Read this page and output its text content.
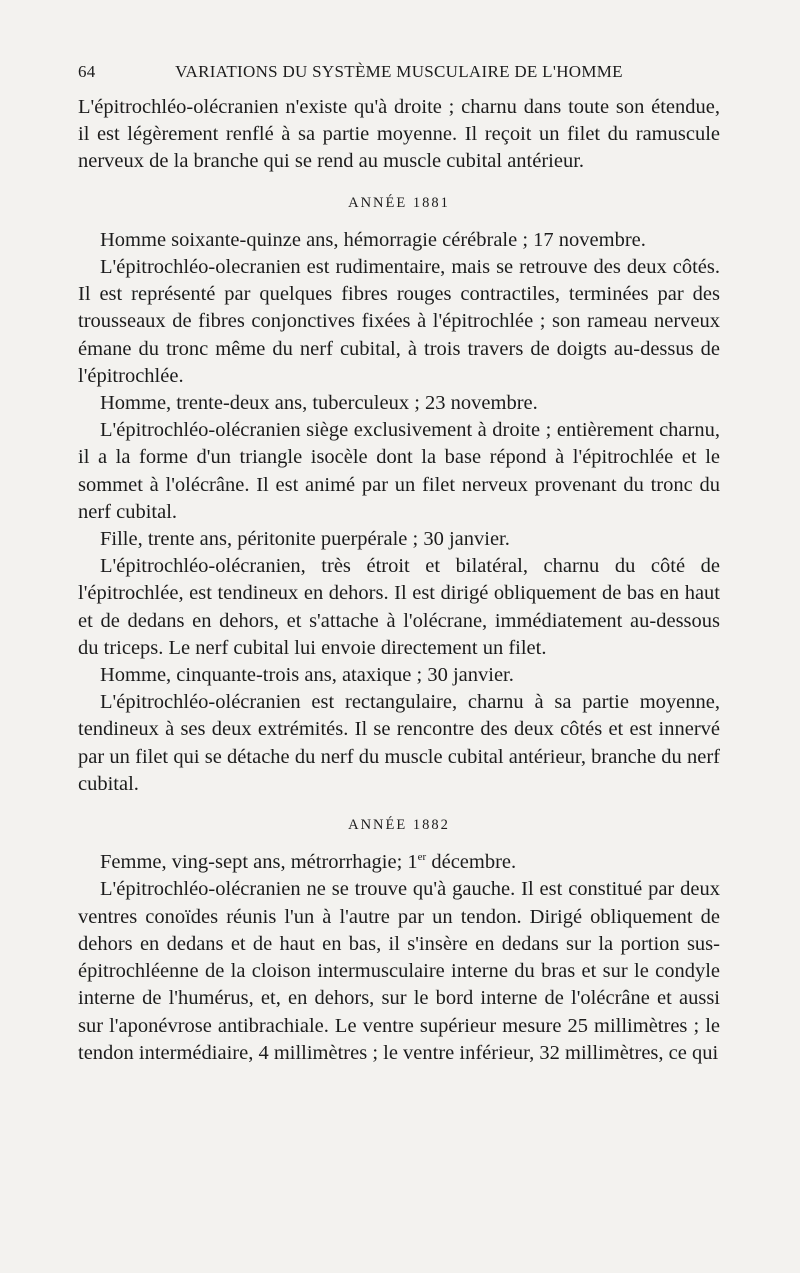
64	VARIATIONS DU SYSTÈME MUSCULAIRE DE L'HOMME

L'épitrochléo-olécranien n'existe qu'à droite ; charnu dans toute son étendue, il est légèrement renflé à sa partie moyenne. Il reçoit un filet du ramuscule nerveux de la branche qui se rend au muscle cubital antérieur.

ANNÉE 1881

Homme soixante-quinze ans, hémorragie cérébrale ; 17 novembre.

L'épitrochléo-olecranien est rudimentaire, mais se retrouve des deux côtés. Il est représenté par quelques fibres rouges contractiles, terminées par des trousseaux de fibres conjonctives fixées à l'épitrochlée ; son rameau nerveux émane du tronc même du nerf cubital, à trois travers de doigts au-dessus de l'épitrochlée.

Homme, trente-deux ans, tuberculeux ; 23 novembre.

L'épitrochléo-olécranien siège exclusivement à droite ; entièrement charnu, il a la forme d'un triangle isocèle dont la base répond à l'épitrochlée et le sommet à l'olécrâne. Il est animé par un filet nerveux provenant du tronc du nerf cubital.

Fille, trente ans, péritonite puerpérale ; 30 janvier.

L'épitrochléo-olécranien, très étroit et bilatéral, charnu du côté de l'épitrochlée, est tendineux en dehors. Il est dirigé obliquement de bas en haut et de dedans en dehors, et s'attache à l'olécrane, immédiatement au-dessous du triceps. Le nerf cubital lui envoie directement un filet.

Homme, cinquante-trois ans, ataxique ; 30 janvier.

L'épitrochléo-olécranien est rectangulaire, charnu à sa partie moyenne, tendineux à ses deux extrémités. Il se rencontre des deux côtés et est innervé par un filet qui se détache du nerf du muscle cubital antérieur, branche du nerf cubital.

ANNÉE 1882

Femme, ving-sept ans, métrorrhagie; 1er décembre.

L'épitrochléo-olécranien ne se trouve qu'à gauche. Il est constitué par deux ventres conoïdes réunis l'un à l'autre par un tendon. Dirigé obliquement de dehors en dedans et de haut en bas, il s'insère en dedans sur la portion sus-épitrochléenne de la cloison intermusculaire interne du bras et sur le condyle interne de l'humérus, et, en dehors, sur le bord interne de l'olécrâne et aussi sur l'aponévrose antibrachiale. Le ventre supérieur mesure 25 millimètres ; le tendon intermédiaire, 4 millimètres ; le ventre inférieur, 32 millimètres, ce qui
